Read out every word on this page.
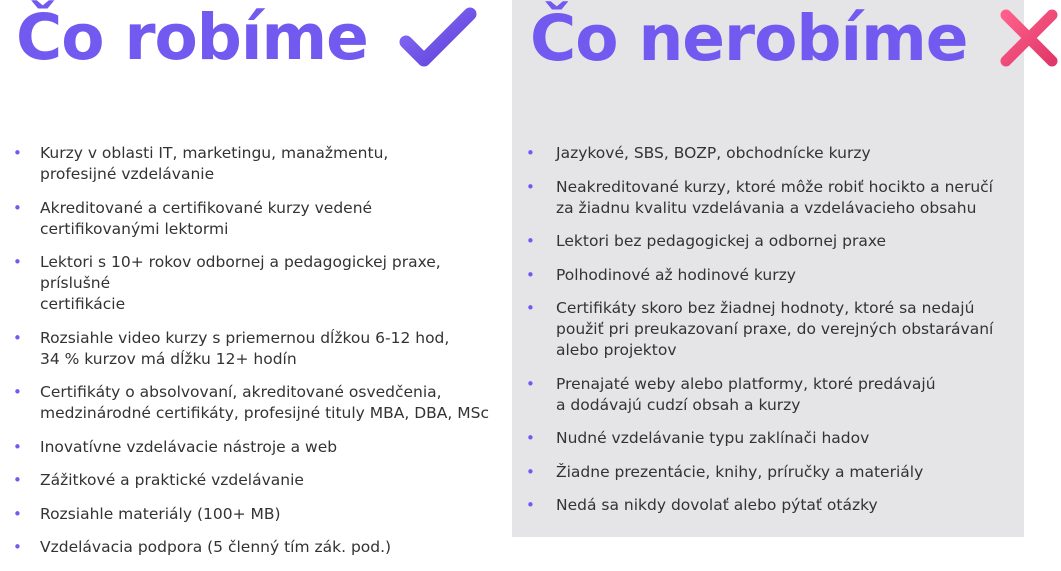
Čo robíme
• Kurzy v oblasti IT, marketingu, manažmentu,
profesijné vzdelávanie
• Akreditované a certifikované kurzy vedené
certifikovanými lektormi
• Lektori s 10+ rokov odbornej a pedagogickej praxe, príslušné
certifikácie
• Rozsiahle video kurzy s priemernou dĺžkou 6-12 hod,
34 % kurzov má dĺžku 12+ hodín
• Certifikáty o absolvovaní, akreditované osvedčenia,
medzinárodné certifikáty, profesijné tituly MBA, DBA, MSc
• Inovatívne vzdelávacie nástroje a web
• Zážitkové a praktické vzdelávanie
• Rozsiahle materiály (100+ MB)
• Vzdelávacia podpora (5 členný tím zák. pod.)
Čo nerobíme
• Jazykové, SBS, BOZP, obchodnícke kurzy
• Neakreditované kurzy, ktoré môže robiť hocikto a neručí
za žiadnu kvalitu vzdelávania a vzdelávacieho obsahu
• Lektori bez pedagogickej a odbornej praxe
• Polhodinové až hodinové kurzy
• Certifikáty skoro bez žiadnej hodnoty, ktoré sa nedajú
použiť pri preukazovaní praxe, do verejných obstarávaní
alebo projektov
• Prenajaté weby alebo platformy, ktoré predávajú
a dodávajú cudzí obsah a kurzy
• Nudné vzdelávanie typu zaklínači hadov
• Žiadne prezentácie, knihy, príručky a materiály
• Nedá sa nikdy dovolať alebo pýtať otázky
